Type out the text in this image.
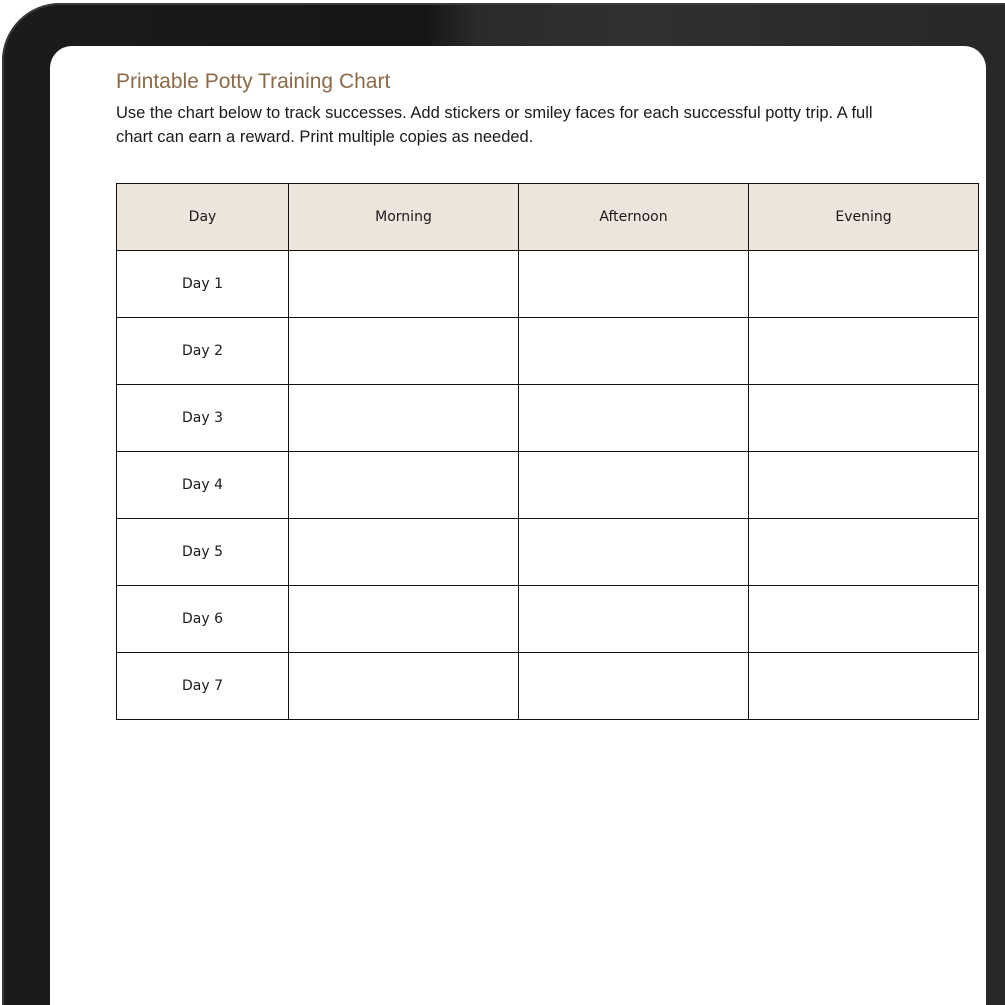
Printable Potty Training Chart

Use the chart below to track successes. Add stickers or smiley faces for each successful potty trip. A full chart can earn a reward. Print multiple copies as needed.

Day	Morning	Afternoon	Evening
Day 1			
Day 2			
Day 3			
Day 4			
Day 5			
Day 6			
Day 7			
